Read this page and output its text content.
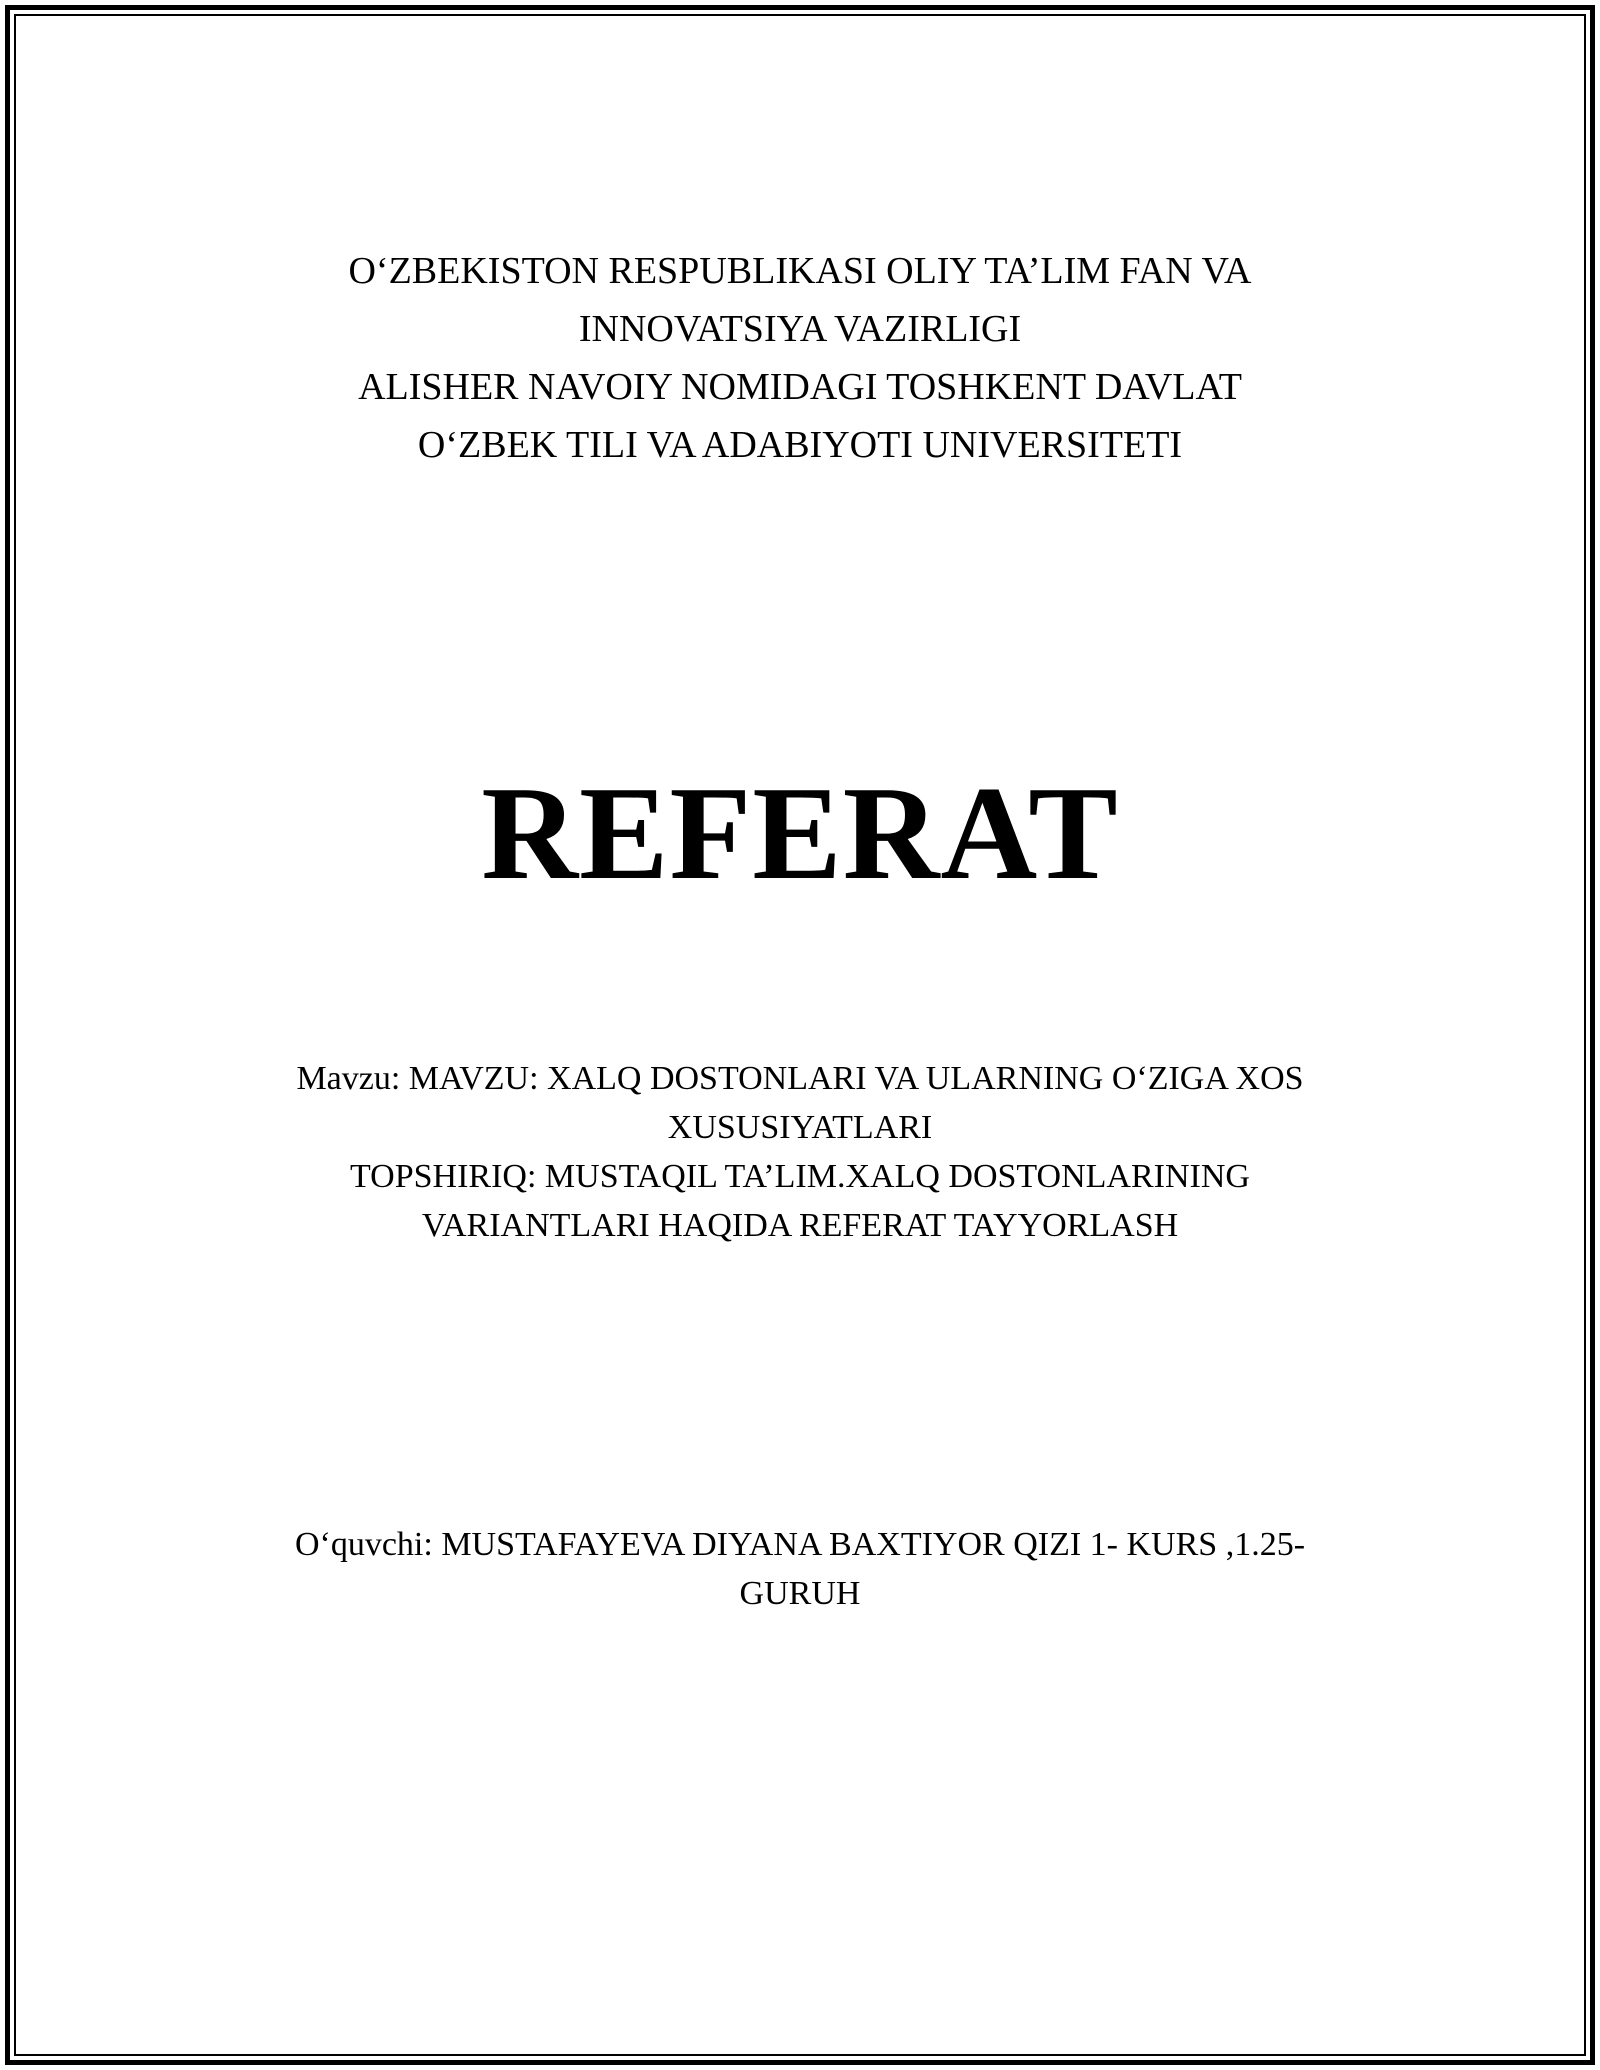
O‘ZBEKISTON RESPUBLIKASI OLIY TA’LIM FAN VA
INNOVATSIYA VAZIRLIGI
ALISHER NAVOIY NOMIDAGI TOSHKENT DAVLAT
O‘ZBEK TILI VA ADABIYOTI UNIVERSITETI
REFERAT
Mavzu: MAVZU: XALQ DOSTONLARI VA ULARNING O‘ZIGA XOS
XUSUSIYATLARI
TOPSHIRIQ: MUSTAQIL TA’LIM.XALQ DOSTONLARINING
VARIANTLARI HAQIDA REFERAT TAYYORLASH
O‘quvchi: MUSTAFAYEVA DIYANA BAXTIYOR QIZI 1- KURS ,1.25-
GURUH
